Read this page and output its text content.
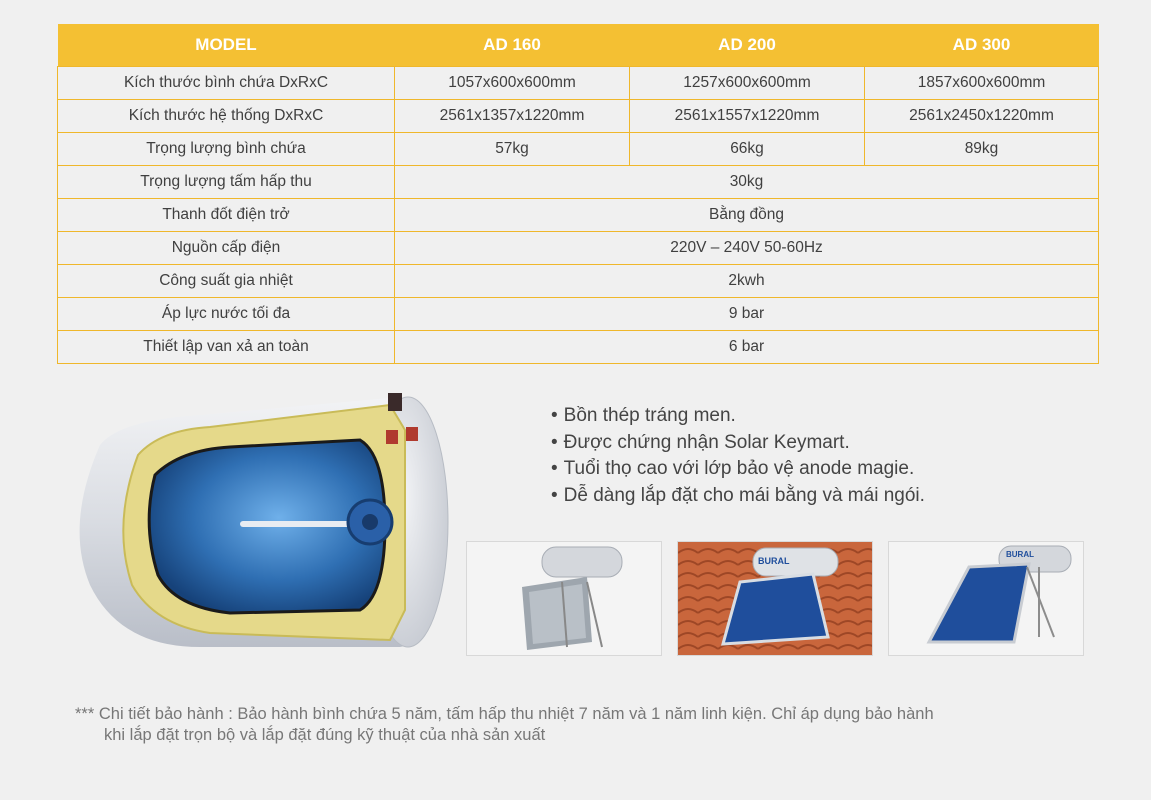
MODEL	AD 160	AD 200	AD 300
Kích thước bình chứa DxRxC	1057x600x600mm	1257x600x600mm	1857x600x600mm
Kích thước hệ thống DxRxC	2561x1357x1220mm	2561x1557x1220mm	2561x2450x1220mm
Trọng lượng bình chứa	57kg	66kg	89kg
Trọng lượng tấm hấp thu	30kg		
Thanh đốt điện trở	Bằng đồng		
Nguồn cấp điện	220V – 240V 50-60Hz		
Công suất gia nhiệt	2kwh		
Áp lực nước tối đa	9 bar		
Thiết lập van xả an toàn	6 bar		
• Bồn thép tráng men.
• Được chứng nhận Solar Keymart.
• Tuổi thọ cao với lớp bảo vệ anode magie.
• Dễ dàng lắp đặt cho mái bằng và mái ngói.
BURAL
BURAL
*** Chi tiết bảo hành : Bảo hành bình chứa 5 năm, tấm hấp thu nhiệt 7 năm và 1 năm linh kiện. Chỉ áp dụng bảo hành
khi lắp đặt trọn bộ và lắp đặt đúng kỹ thuật của nhà sản xuất
